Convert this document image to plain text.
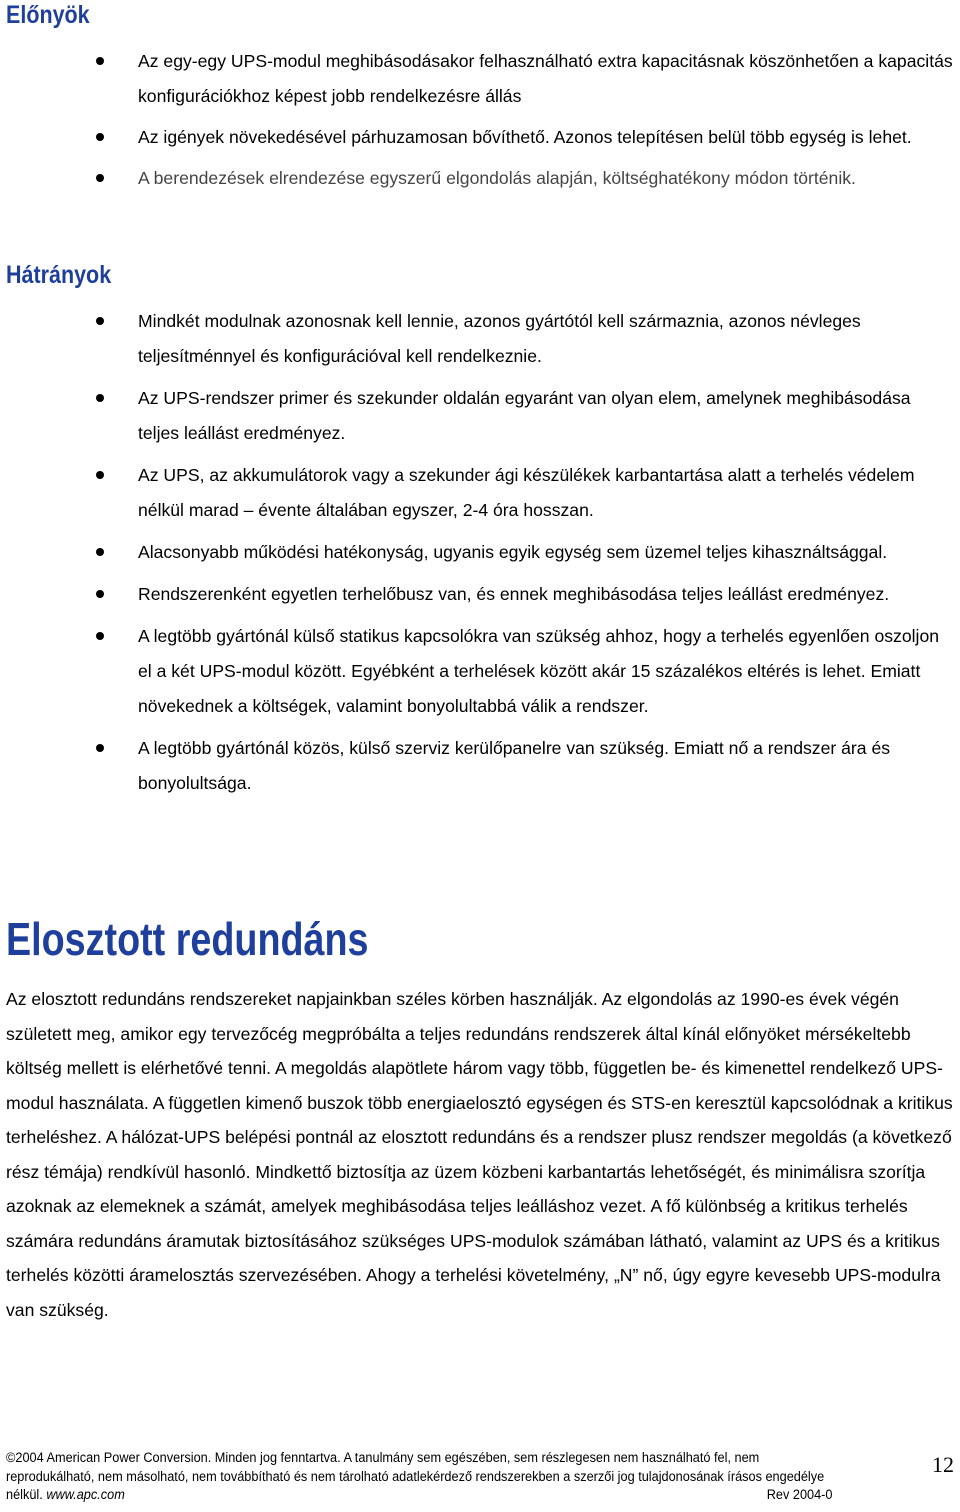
Előnyök
Az egy-egy UPS-modul meghibásodásakor felhasználható extra kapacitásnak köszönhetően a kapacitás konfigurációkhoz képest jobb rendelkezésre állás
Az igények növekedésével párhuzamosan bővíthető. Azonos telepítésen belül több egység is lehet.
A berendezések elrendezése egyszerű elgondolás alapján, költséghatékony módon történik.
Hátrányok
Mindkét modulnak azonosnak kell lennie, azonos gyártótól kell származnia, azonos névleges teljesítménnyel és konfigurációval kell rendelkeznie.
Az UPS-rendszer primer és szekunder oldalán egyaránt van olyan elem, amelynek meghibásodása teljes leállást eredményez.
Az UPS, az akkumulátorok vagy a szekunder ági készülékek karbantartása alatt a terhelés védelem nélkül marad – évente általában egyszer, 2-4 óra hosszan.
Alacsonyabb működési hatékonyság, ugyanis egyik egység sem üzemel teljes kihasználtsággal.
Rendszerenként egyetlen terhelőbusz van, és ennek meghibásodása teljes leállást eredményez.
A legtöbb gyártónál külső statikus kapcsolókra van szükség ahhoz, hogy a terhelés egyenlően oszoljon el a két UPS-modul között. Egyébként a terhelések között akár 15 százalékos eltérés is lehet. Emiatt növekednek a költségek, valamint bonyolultabbá válik a rendszer.
A legtöbb gyártónál közös, külső szerviz kerülőpanelre van szükség. Emiatt nő a rendszer ára és bonyolultsága.
Elosztott redundáns

Az elosztott redundáns rendszereket napjainkban széles körben használják. Az elgondolás az 1990-es évek végén született meg, amikor egy tervezőcég megpróbálta a teljes redundáns rendszerek által kínál előnyöket mérsékeltebb költség mellett is elérhetővé tenni. A megoldás alapötlete három vagy több, független be- és kimenettel rendelkező UPS-modul használata. A független kimenő buszok több energiaelosztó egységen és STS-en keresztül kapcsolódnak a kritikus terheléshez. A hálózat-UPS belépési pontnál az elosztott redundáns és a rendszer plusz rendszer megoldás (a következő rész témája) rendkívül hasonló. Mindkettő biztosítja az üzem közbeni karbantartás lehetőségét, és minimálisra szorítja azoknak az elemeknek a számát, amelyek meghibásodása teljes leálláshoz vezet. A fő különbség a kritikus terhelés számára redundáns áramutak biztosításához szükséges UPS-modulok számában látható, valamint az UPS és a kritikus terhelés közötti áramelosztás szervezésében. Ahogy a terhelési követelmény, „N” nő, úgy egyre kevesebb UPS-modulra van szükség.

©2004 American Power Conversion. Minden jog fenntartva. A tanulmány sem egészében, sem részlegesen nem használható fel, nem reprodukálható, nem másolható, nem továbbítható és nem tárolható adatlekérdező rendszerekben a szerzői jog tulajdonosának írásos engedélye nélkül. www.apc.com	Rev 2004-0
12
